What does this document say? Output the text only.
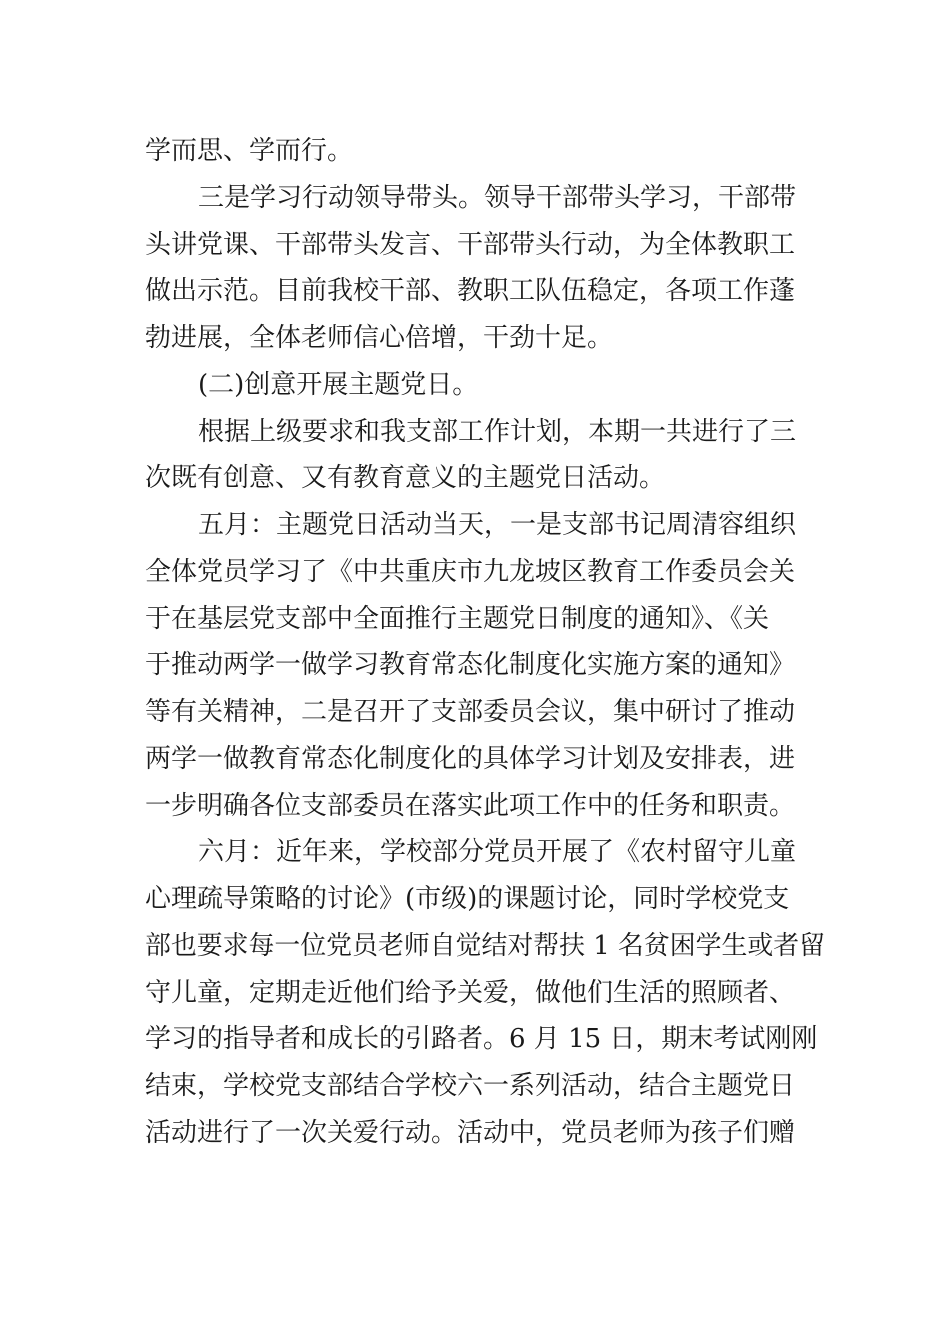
学而思、学而行。
三是学习行动领导带头。领导干部带头学习，干部带
头讲党课、干部带头发言、干部带头行动，为全体教职工
做出示范。目前我校干部、教职工队伍稳定，各项工作蓬
勃进展，全体老师信心倍增，干劲十足。
(二)创意开展主题党日。
根据上级要求和我支部工作计划，本期一共进行了三
次既有创意、又有教育意义的主题党日活动。
五月：主题党日活动当天，一是支部书记周清容组织
全体党员学习了《中共重庆市九龙坡区教育工作委员会关
于在基层党支部中全面推行主题党日制度的通知》、《关
于推动两学一做学习教育常态化制度化实施方案的通知》
等有关精神，二是召开了支部委员会议，集中研讨了推动
两学一做教育常态化制度化的具体学习计划及安排表，进
一步明确各位支部委员在落实此项工作中的任务和职责。
六月：近年来，学校部分党员开展了《农村留守儿童
心理疏导策略的讨论》(市级)的课题讨论，同时学校党支
部也要求每一位党员老师自觉结对帮扶 1 名贫困学生或者留
守儿童，定期走近他们给予关爱，做他们生活的照顾者、
学习的指导者和成长的引路者。6 月 15 日，期末考试刚刚
结束，学校党支部结合学校六一系列活动，结合主题党日
活动进行了一次关爱行动。活动中，党员老师为孩子们赠
